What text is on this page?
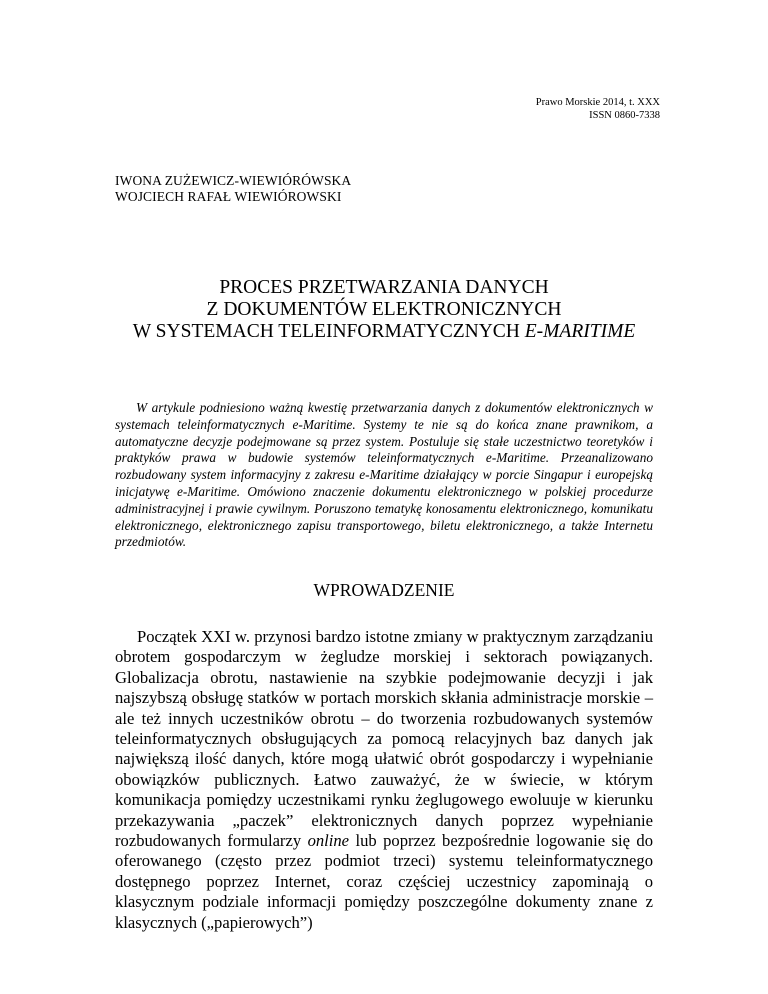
Prawo Morskie 2014, t. XXX
ISSN 0860-7338
IWONA ZUŻEWICZ-WIEWIÓRÓWSKA
WOJCIECH RAFAŁ WIEWIÓROWSKI
PROCES PRZETWARZANIA DANYCH
Z DOKUMENTÓW ELEKTRONICZNYCH
W SYSTEMACH TELEINFORMATYCZNYCH E-MARITIME
W artykule podniesiono ważną kwestię przetwarzania danych z dokumentów elektronicznych w systemach teleinformatycznych e-Maritime. Systemy te nie są do końca znane prawnikom, a automatyczne decyzje podejmowane są przez system. Postuluje się stałe uczestnictwo teoretyków i praktyków prawa w budowie systemów teleinformatycznych e-Maritime. Przeanalizowano rozbudowany system informacyjny z zakresu e-Maritime działający w porcie Singapur i europejską inicjatywę e-Maritime. Omówiono znaczenie dokumentu elektronicznego w polskiej procedurze administracyjnej i prawie cywilnym. Poruszono tematykę konosamentu elektronicznego, komunikatu elektronicznego, elektronicznego zapisu transportowego, biletu elektronicznego, a także Internetu przedmiotów.
WPROWADZENIE
Początek XXI w. przynosi bardzo istotne zmiany w praktycznym zarządzaniu obrotem gospodarczym w żegludze morskiej i sektorach powiązanych. Globalizacja obrotu, nastawienie na szybkie podejmowanie decyzji i jak najszybszą obsługę statków w portach morskich skłania administracje morskie – ale też innych uczestników obrotu – do tworzenia rozbudowanych systemów teleinformatycznych obsługujących za pomocą relacyjnych baz danych jak największą ilość danych, które mogą ułatwić obrót gospodarczy i wypełnianie obowiązków publicznych. Łatwo zauważyć, że w świecie, w którym komunikacja pomiędzy uczestnikami rynku żeglugowego ewoluuje w kierunku przekazywania „paczek” elektronicznych danych poprzez wypełnianie rozbudowanych formularzy online lub poprzez bezpośrednie logowanie się do oferowanego (często przez podmiot trzeci) systemu teleinformatycznego dostępnego poprzez Internet, coraz częściej uczestnicy zapominają o klasycznym podziale informacji pomiędzy poszczególne dokumenty znane z klasycznych („papierowych”)
